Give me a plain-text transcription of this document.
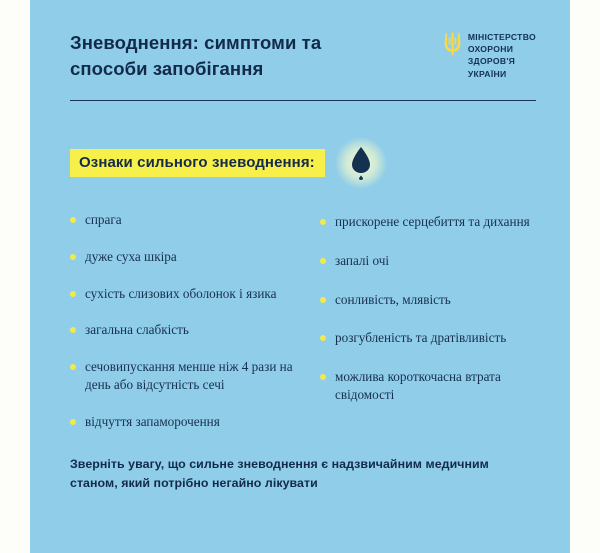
Зневоднення: симптоми та способи запобігання
МІНІСТЕРСТВО
ОХОРОНИ
ЗДОРОВ'Я
УКРАЇНИ
Ознаки сильного зневоднення:
спрага
дуже суха шкіра
сухість слизових оболонок і язика
загальна слабкість
сечовипускання менше ніж 4 рази на день або відсутність сечі
відчуття запаморочення
прискорене серцебиття та дихання
запалі очі
сонливість, млявість
розгубленість та дратівливість
можлива короткочасна втрата свідомості
Зверніть увагу, що сильне зневоднення є надзвичайним медичним станом, який потрібно негайно лікувати
